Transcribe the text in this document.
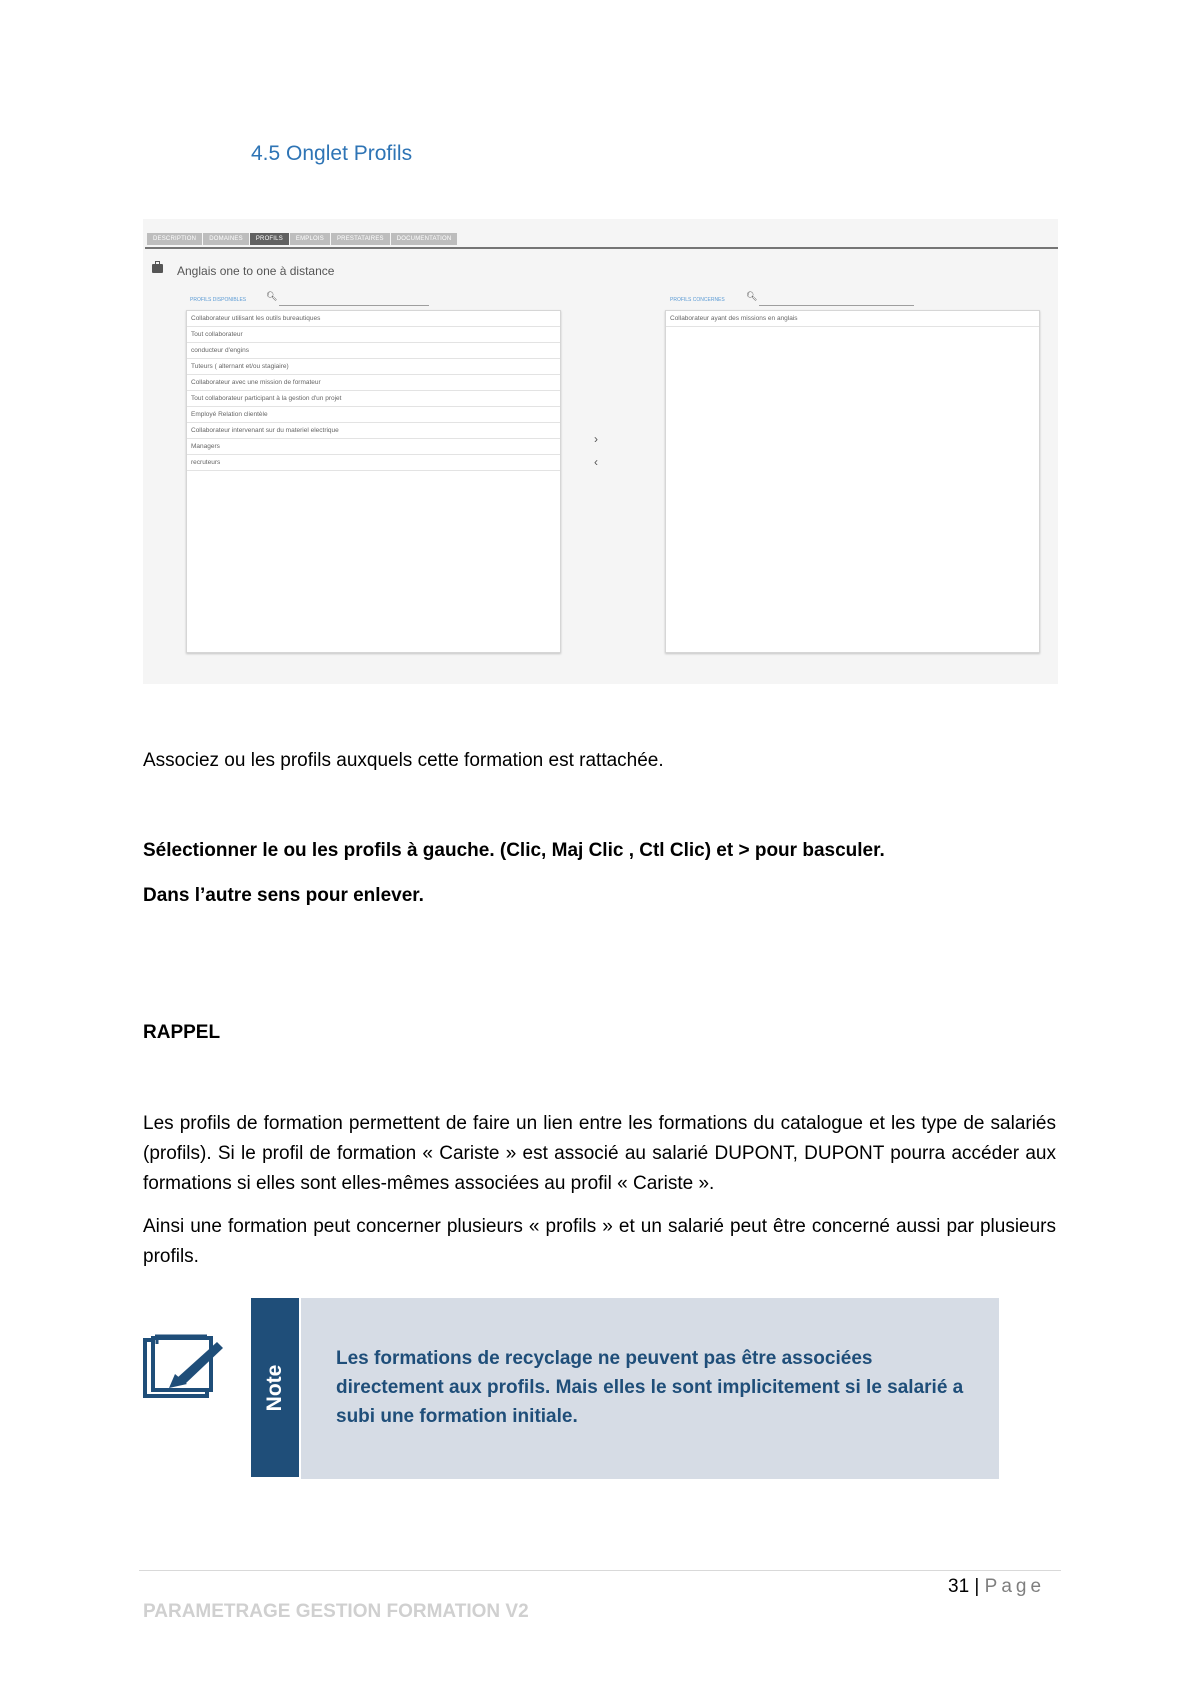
4.5 Onglet Profils
DESCRIPTION	DOMAINES	PROFILS	EMPLOIS	PRESTATAIRES	DOCUMENTATION
Anglais one to one à distance
PROFILS DISPONIBLES 🔍︎
Collaborateur utilisant les outils bureautiques
Tout collaborateur
conducteur d'engins
Tuteurs ( alternant et/ou stagiaire)
Collaborateur avec une mission de formateur
Tout collaborateur participant à la gestion d'un projet
Employé Relation clientèle
Collaborateur intervenant sur du materiel electrique
Managers
recruteurs
›
‹
PROFILS CONCERNES 🔍︎
Collaborateur ayant des missions en anglais
Associez ou les profils auxquels cette formation est rattachée.
Sélectionner le ou les profils à gauche. (Clic, Maj Clic , Ctl Clic) et > pour basculer.
Dans l’autre sens pour enlever.
RAPPEL
Les profils de formation permettent de faire un lien entre les formations du catalogue et les type de salariés (profils). Si le profil de formation « Cariste » est associé au salarié DUPONT, DUPONT pourra accéder aux formations si elles sont elles-mêmes associées au profil « Cariste ».
Ainsi une formation peut concerner plusieurs « profils » et un salarié peut être concerné aussi par plusieurs profils.
Note
Les formations de recyclage ne peuvent pas être associées directement aux profils. Mais elles le sont implicitement si le salarié a subi une formation initiale.
31 | Page
PARAMETRAGE GESTION FORMATION V2
